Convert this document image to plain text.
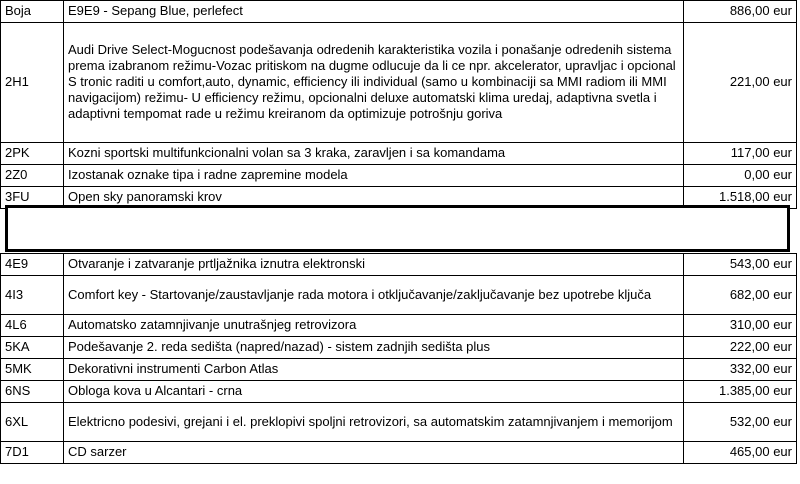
Boja	E9E9 - Sepang Blue, perlefect	886,00 eur
2H1	Audi Drive Select-Mogucnost podešavanja odredenih karakteristika vozila i ponašanje odredenih sistema prema izabranom režimu-Vozac pritiskom na dugme odlucuje da li ce npr. akcelerator, upravljac i opcional S tronic raditi u comfort,auto, dynamic, efficiency ili individual (samo u kombinaciji sa MMI radiom ili MMI navigacijom) režimu- U efficiency režimu, opcionalni deluxe automatski klima uredaj, adaptivna svetla i adaptivni tempomat rade u režimu kreiranom da optimizuje potrošnju goriva	221,00 eur
2PK	Kozni sportski multifunkcionalni volan sa 3 kraka, zaravljen i sa komandama	117,00 eur
2Z0	Izostanak oznake tipa i radne zapremine modela	0,00 eur
3FU	Open sky panoramski krov	1.518,00 eur

4E9	Otvaranje i zatvaranje prtljažnika iznutra elektronski	543,00 eur
4I3	Comfort key - Startovanje/zaustavljanje rada motora i otključavanje/zaključavanje bez upotrebe ključa	682,00 eur
4L6	Automatsko zatamnjivanje unutrašnjeg retrovizora	310,00 eur
5KA	Podešavanje 2. reda sedišta (napred/nazad) - sistem zadnjih sedišta plus	222,00 eur
5MK	Dekorativni instrumenti Carbon Atlas	332,00 eur
6NS	Obloga kova u Alcantari - crna	1.385,00 eur
6XL	Elektricno podesivi, grejani i el. preklopivi spoljni retrovizori, sa automatskim zatamnjivanjem i memorijom	532,00 eur
7D1	CD sarzer	465,00 eur
